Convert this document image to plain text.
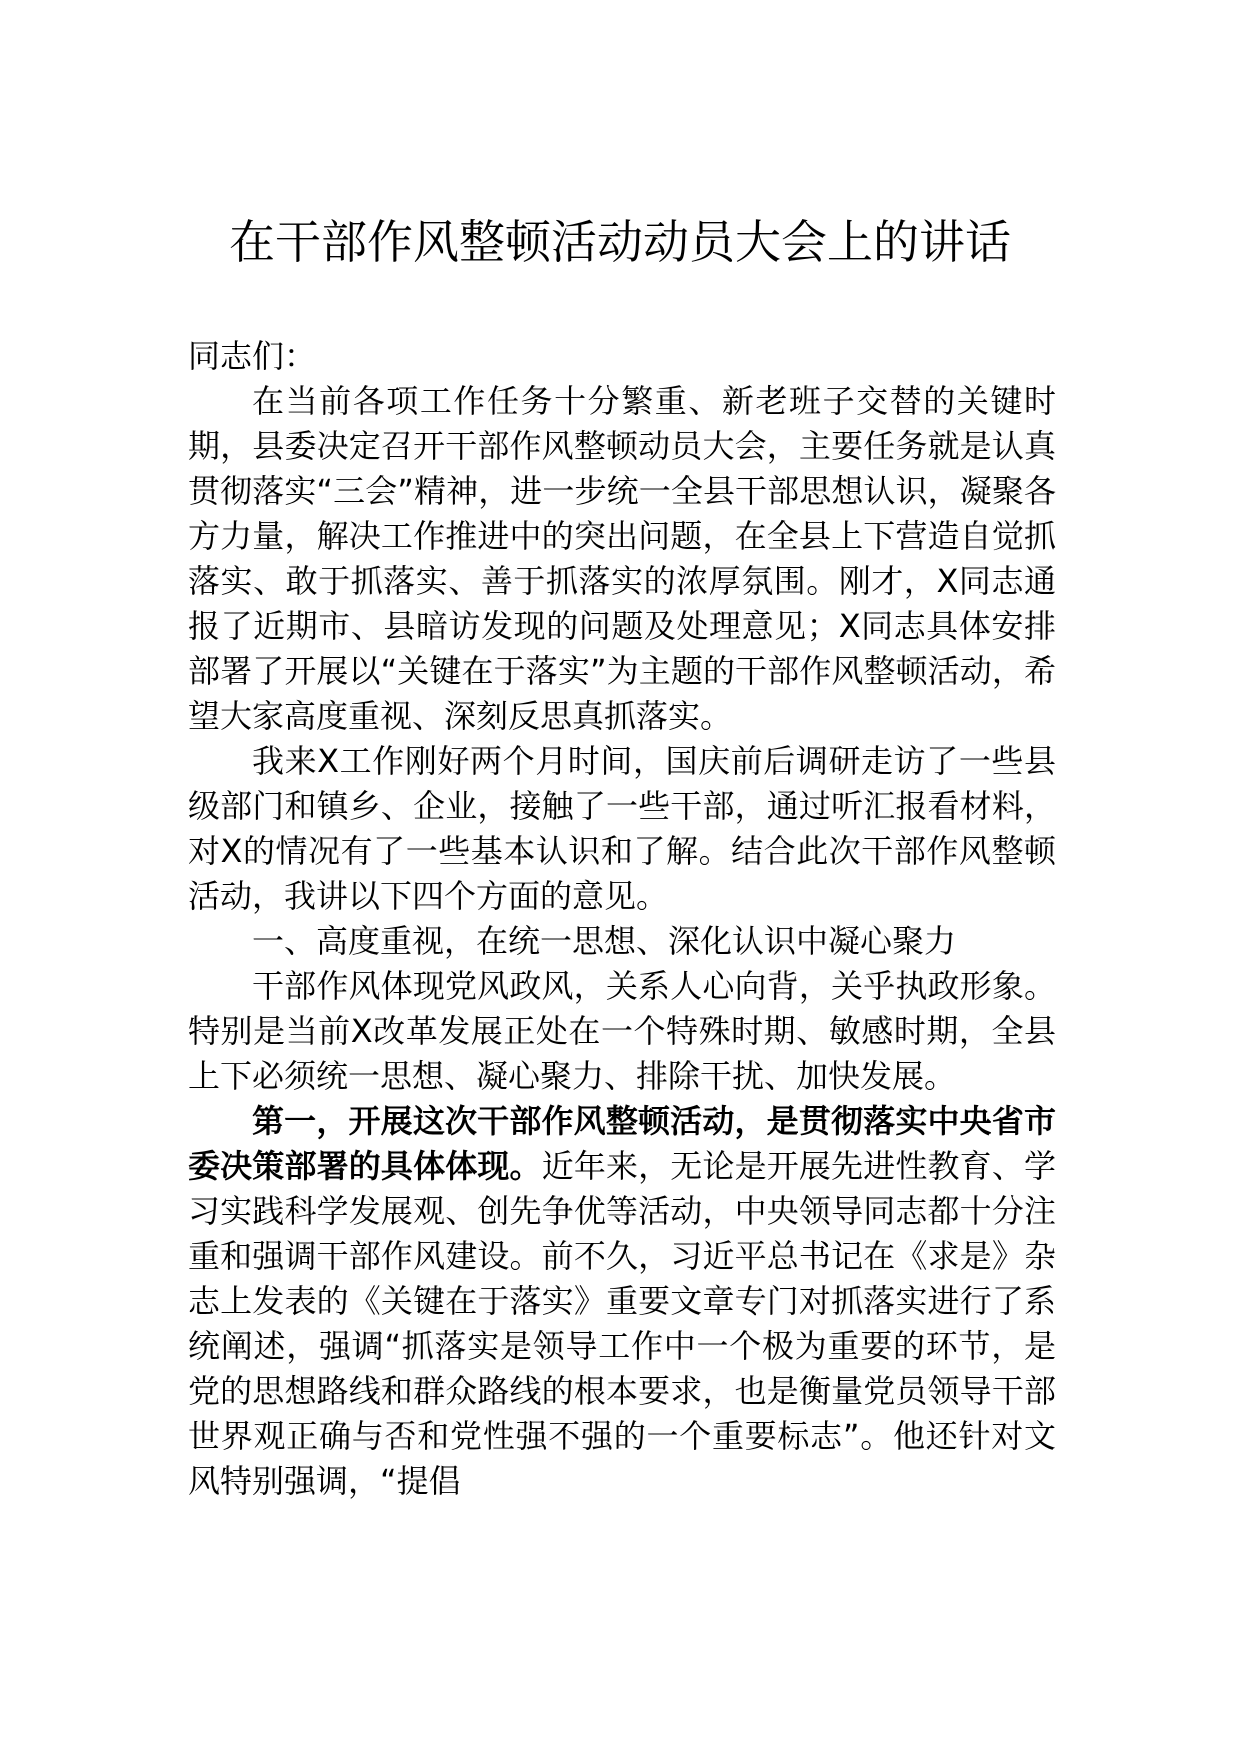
在干部作风整顿活动动员大会上的讲话

同志们：

在当前各项工作任务十分繁重、新老班子交替的关键时期，县委决定召开干部作风整顿动员大会，主要任务就是认真贯彻落实“三会”精神，进一步统一全县干部思想认识，凝聚各方力量，解决工作推进中的突出问题，在全县上下营造自觉抓落实、敢于抓落实、善于抓落实的浓厚氛围。刚才，X同志通报了近期市、县暗访发现的问题及处理意见；X同志具体安排部署了开展以“关键在于落实”为主题的干部作风整顿活动，希望大家高度重视、深刻反思真抓落实。

我来X工作刚好两个月时间，国庆前后调研走访了一些县级部门和镇乡、企业，接触了一些干部，通过听汇报看材料，对X的情况有了一些基本认识和了解。结合此次干部作风整顿活动，我讲以下四个方面的意见。

一、高度重视，在统一思想、深化认识中凝心聚力

干部作风体现党风政风，关系人心向背，关乎执政形象。特别是当前X改革发展正处在一个特殊时期、敏感时期，全县上下必须统一思想、凝心聚力、排除干扰、加快发展。

第一，开展这次干部作风整顿活动，是贯彻落实中央省市委决策部署的具体体现。近年来，无论是开展先进性教育、学习实践科学发展观、创先争优等活动，中央领导同志都十分注重和强调干部作风建设。前不久，习近平总书记在《求是》杂志上发表的《关键在于落实》重要文章专门对抓落实进行了系统阐述，强调“抓落实是领导工作中一个极为重要的环节，是党的思想路线和群众路线的根本要求，也是衡量党员领导干部世界观正确与否和党性强不强的一个重要标志”。他还针对文风特别强调，“提倡
